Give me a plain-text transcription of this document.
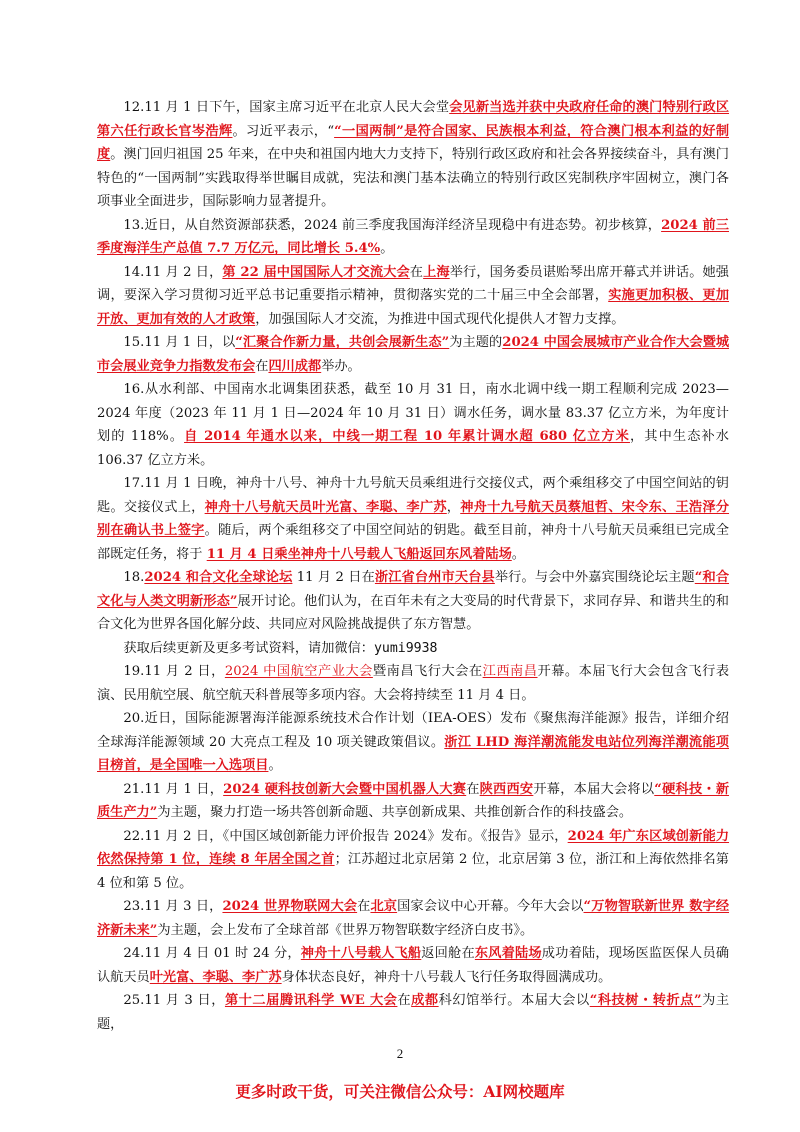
12.11 月 1 日下午，国家主席习近平在北京人民大会堂会见新当选并获中央政府任命的澳门特别行政区第六任行政长官岑浩辉。习近平表示，““一国两制”是符合国家、民族根本利益，符合澳门根本利益的好制度。澳门回归祖国 25 年来，在中央和祖国内地大力支持下，特别行政区政府和社会各界接续奋斗，具有澳门特色的“一国两制”实践取得举世瞩目成就，宪法和澳门基本法确立的特别行政区宪制秩序牢固树立，澳门各项事业全面进步，国际影响力显著提升。

13.近日，从自然资源部获悉，2024 前三季度我国海洋经济呈现稳中有进态势。初步核算，2024 前三季度海洋生产总值 7.7 万亿元，同比增长 5.4%。

14.11 月 2 日，第 22 届中国国际人才交流大会在上海举行，国务委员谌贻琴出席开幕式并讲话。她强调，要深入学习贯彻习近平总书记重要指示精神，贯彻落实党的二十届三中全会部署，实施更加积极、更加开放、更加有效的人才政策，加强国际人才交流，为推进中国式现代化提供人才智力支撑。

15.11 月 1 日，以“汇聚合作新力量，共创会展新生态”为主题的2024 中国会展城市产业合作大会暨城市会展业竞争力指数发布会在四川成都举办。

16.从水利部、中国南水北调集团获悉，截至 10 月 31 日，南水北调中线一期工程顺利完成 2023—2024 年度（2023 年 11 月 1 日—2024 年 10 月 31 日）调水任务，调水量 83.37 亿立方米，为年度计划的 118%。自 2014 年通水以来，中线一期工程 10 年累计调水超 680 亿立方米，其中生态补水 106.37 亿立方米。

17.11 月 1 日晚，神舟十八号、神舟十九号航天员乘组进行交接仪式，两个乘组移交了中国空间站的钥匙。交接仪式上，神舟十八号航天员叶光富、李聪、李广苏，神舟十九号航天员蔡旭哲、宋令东、王浩泽分别在确认书上签字。随后，两个乘组移交了中国空间站的钥匙。截至目前，神舟十八号航天员乘组已完成全部既定任务，将于 11 月 4 日乘坐神舟十八号载人飞船返回东风着陆场。

18.2024 和合文化全球论坛 11 月 2 日在浙江省台州市天台县举行。与会中外嘉宾围绕论坛主题“和合文化与人类文明新形态”展开讨论。他们认为，在百年未有之大变局的时代背景下，求同存异、和谐共生的和合文化为世界各国化解分歧、共同应对风险挑战提供了东方智慧。

获取后续更新及更多考试资料，请加微信：yumi9938

19.11 月 2 日，2024 中国航空产业大会暨南昌飞行大会在江西南昌开幕。本届飞行大会包含飞行表演、民用航空展、航空航天科普展等多项内容。大会将持续至 11 月 4 日。

20.近日，国际能源署海洋能源系统技术合作计划（IEA-OES）发布《聚焦海洋能源》报告，详细介绍全球海洋能源领域 20 大亮点工程及 10 项关键政策倡议。浙江 LHD 海洋潮流能发电站位列海洋潮流能项目榜首，是全国唯一入选项目。

21.11 月 1 日，2024 硬科技创新大会暨中国机器人大赛在陕西西安开幕，本届大会将以“硬科技・新质生产力”为主题，聚力打造一场共答创新命题、共享创新成果、共推创新合作的科技盛会。

22.11 月 2 日，《中国区域创新能力评价报告 2024》发布。《报告》显示，2024 年广东区域创新能力依然保持第 1 位，连续 8 年居全国之首；江苏超过北京居第 2 位，北京居第 3 位，浙江和上海依然排名第 4 位和第 5 位。

23.11 月 3 日，2024 世界物联网大会在北京国家会议中心开幕。今年大会以“万物智联新世界 数字经济新未来”为主题，会上发布了全球首部《世界万物智联数字经济白皮书》。

24.11 月 4 日 01 时 24 分，神舟十八号载人飞船返回舱在东风着陆场成功着陆，现场医监医保人员确认航天员叶光富、李聪、李广苏身体状态良好，神舟十八号载人飞行任务取得圆满成功。

25.11 月 3 日，第十二届腾讯科学 WE 大会在成都科幻馆举行。本届大会以“科技树・转折点”为主题，

2
更多时政干货，可关注微信公众号：AI网校题库
